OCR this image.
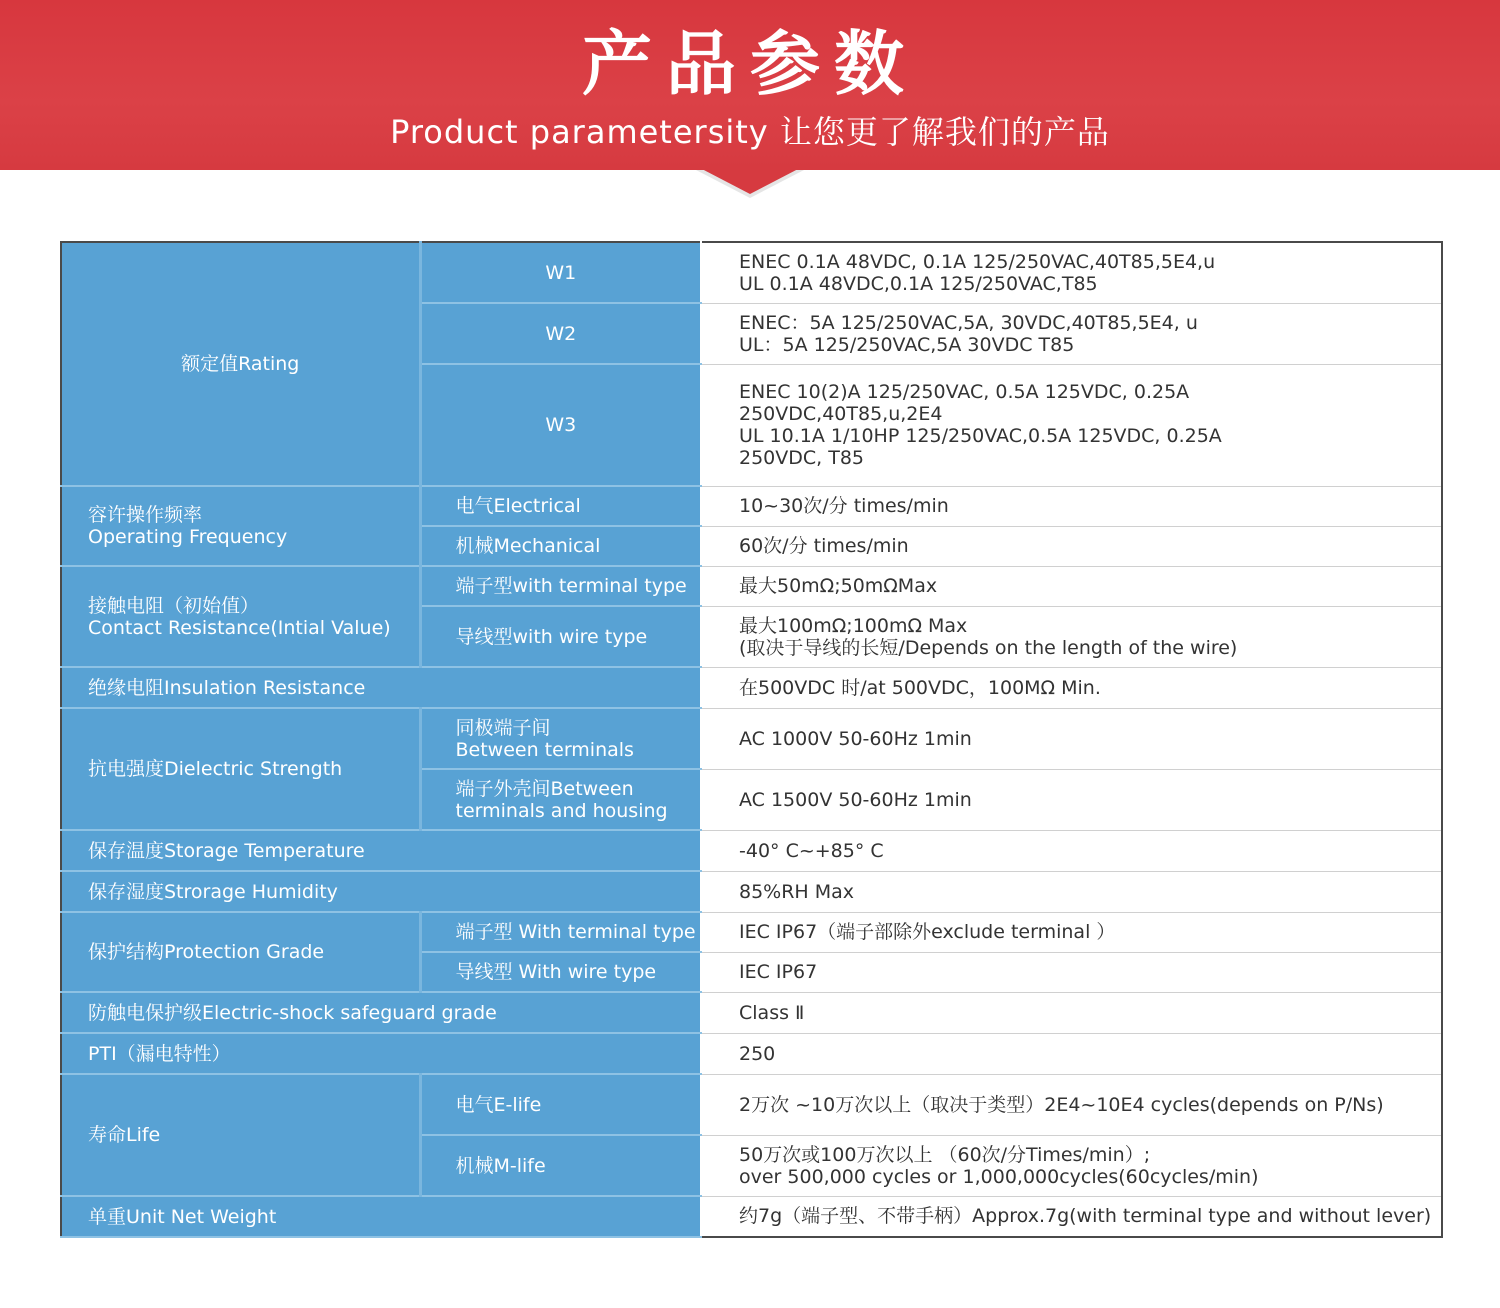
产品参数
Product parametersity 让您更了解我们的产品
额定值Rating	W1	ENEC 0.1A 48VDC, 0.1A 125/250VAC,40T85,5E4,u
UL 0.1A 48VDC,0.1A 125/250VAC,T85

	W2	ENEC：5A 125/250VAC,5A, 30VDC,40T85,5E4, u
UL：5A 125/250VAC,5A 30VDC T85

	W3	ENEC 10(2)A 125/250VAC, 0.5A 125VDC, 0.25A
250VDC,40T85,u,2E4
UL 10.1A 1/10HP 125/250VAC,0.5A 125VDC, 0.25A
250VDC, T85

容许操作频率
Operating Frequency	电气Electrical	10~30次/分 times/min
	机械Mechanical	60次/分 times/min

接触电阻（初始值）
Contact Resistance(Intial Value)	端子型with terminal type	最大50mΩ;50mΩMax
	导线型with wire type	最大100mΩ;100mΩ Max
(取决于导线的长短/Depends on the length of the wire)

绝缘电阻Insulation Resistance		在500VDC 时/at 500VDC，100MΩ Min.
抗电强度Dielectric Strength	同极端子间
Between terminals	AC 1000V 50-60Hz 1min

	端子外壳间Between
terminals and housing	AC 1500V 50-60Hz 1min
保存温度Storage Temperature		-40° C~+85° C
保存湿度Strorage Humidity		85%RH Max
保护结构Protection Grade	端子型 With terminal type	IEC IP67（端子部除外exclude terminal ）
	导线型 With wire type	IEC IP67
防触电保护级Electric-shock safeguard grade		Class Ⅱ
PTI（漏电特性）		250
寿命Life	电气E-life	2万次 ~10万次以上（取决于类型）2E4~10E4 cycles(depends on P/Ns)
	机械M-life	50万次或100万次以上 （60次/分Times/min）;
over 500,000 cycles or 1,000,000cycles(60cycles/min)

单重Unit Net Weight		约7g（端子型、不带手柄）Approx.7g(with terminal type and without lever)
